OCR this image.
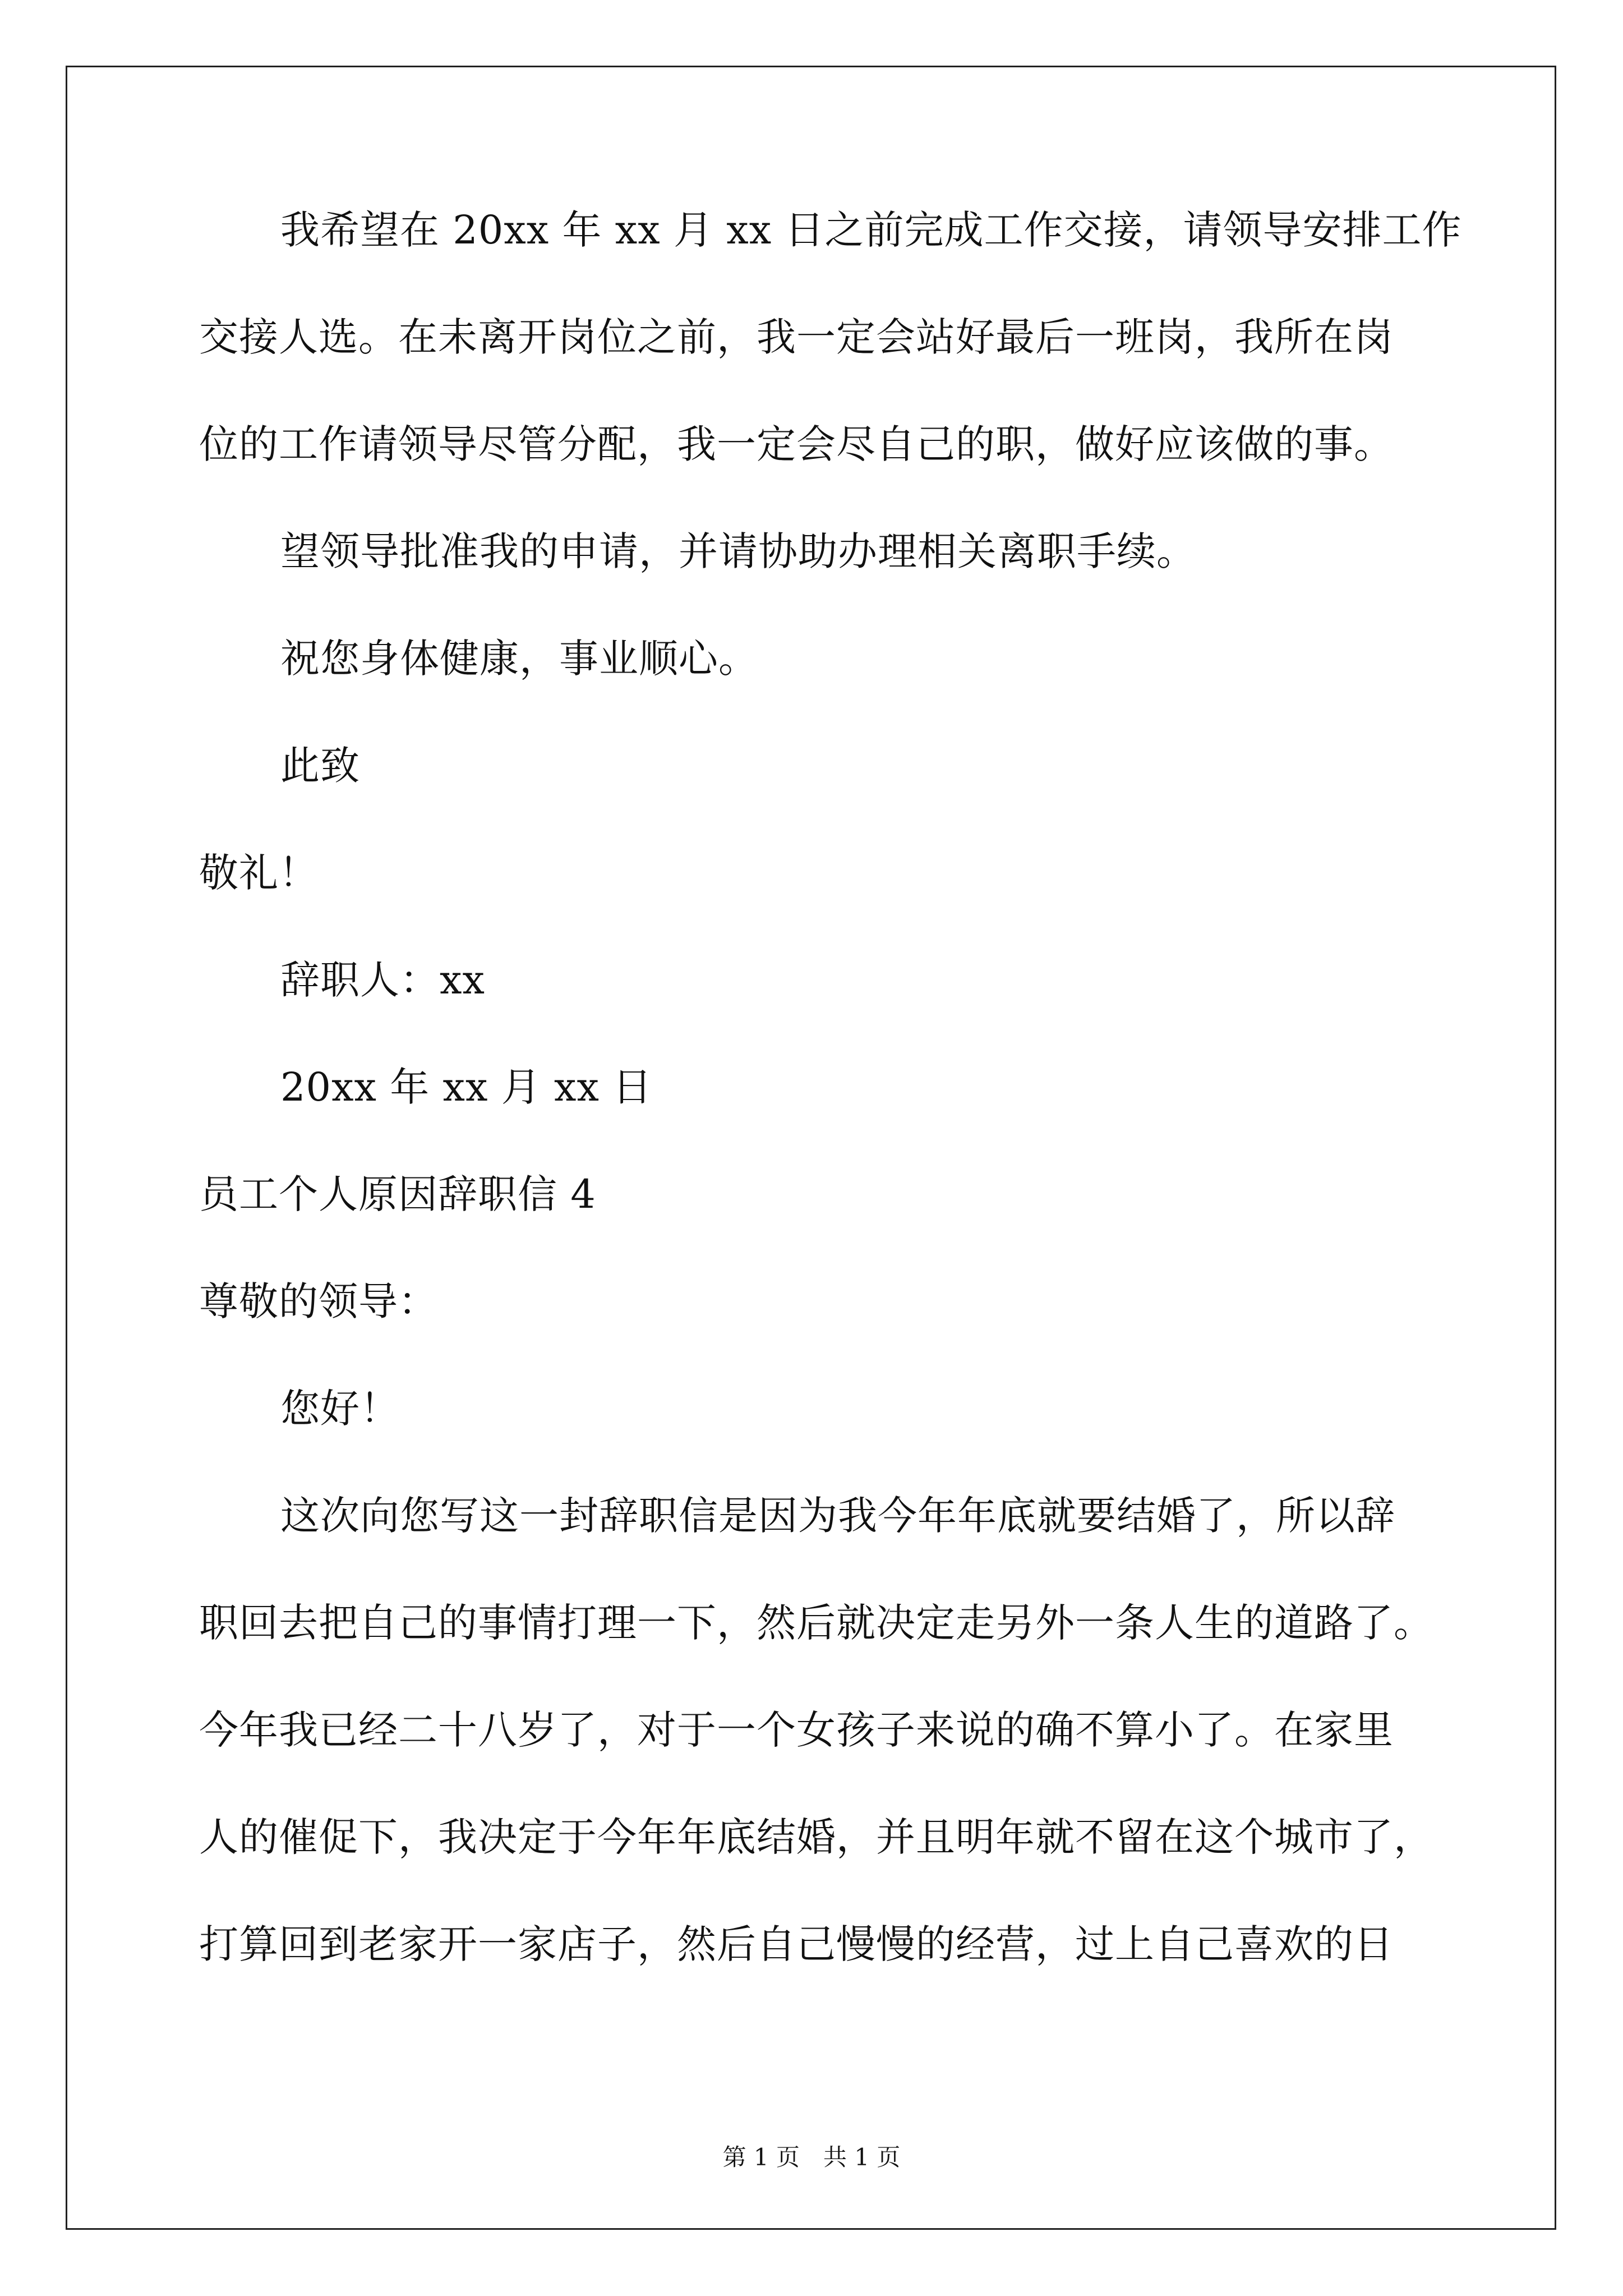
我希望在 20xx 年 xx 月 xx 日之前完成工作交接，请领导安排工作
交接人选。在未离开岗位之前，我一定会站好最后一班岗，我所在岗
位的工作请领导尽管分配，我一定会尽自己的职，做好应该做的事。
望领导批准我的申请，并请协助办理相关离职手续。
祝您身体健康，事业顺心。
此致
敬礼！
辞职人：xx
20xx 年 xx 月 xx 日
员工个人原因辞职信 4
尊敬的领导：
您好！
这次向您写这一封辞职信是因为我今年年底就要结婚了，所以辞
职回去把自己的事情打理一下，然后就决定走另外一条人生的道路了。
今年我已经二十八岁了，对于一个女孩子来说的确不算小了。在家里
人的催促下，我决定于今年年底结婚，并且明年就不留在这个城市了，
打算回到老家开一家店子，然后自己慢慢的经营，过上自己喜欢的日
第 1 页　共 1 页
